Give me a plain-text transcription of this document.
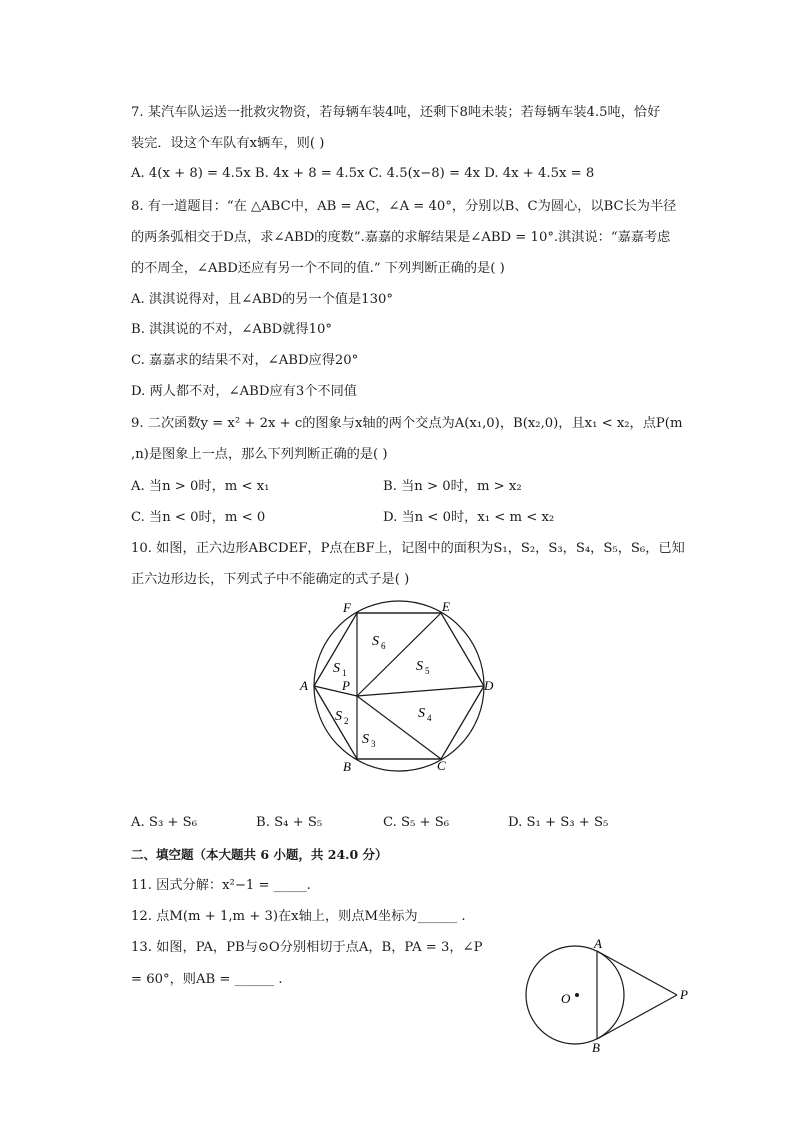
7. 某汽车队运送一批救灾物资，若每辆车装4吨，还剩下8吨未装；若每辆车装4.5吨，恰好
装完．设这个车队有x辆车，则( )
A. 4(x + 8) = 4.5x B. 4x + 8 = 4.5x C. 4.5(x−8) = 4x D. 4x + 4.5x = 8
8. 有一道题目：“在 △ABC中，AB = AC，∠A = 40°，分别以B、C为圆心，以BC长为半径
的两条弧相交于D点，求∠ABD的度数”.嘉嘉的求解结果是∠ABD = 10°.淇淇说：“嘉嘉考虑
的不周全，∠ABD还应有另一个不同的值.” 下列判断正确的是( )
A. 淇淇说得对，且∠ABD的另一个值是130°
B. 淇淇说的不对，∠ABD就得10°
C. 嘉嘉求的结果不对，∠ABD应得20°
D. 两人都不对，∠ABD应有3个不同值
9. 二次函数y = x² + 2x + c的图象与x轴的两个交点为A(x₁,0)，B(x₂,0)，且x₁ < x₂，点P(m
,n)是图象上一点，那么下列判断正确的是( )
A. 当n > 0时，m < x₁	B. 当n > 0时，m > x₂
C. 当n < 0时，m < 0	D. 当n < 0时，x₁ < m < x₂
10. 如图，正六边形ABCDEF，P点在BF上，记图中的面积为S₁，S₂，S₃，S₄，S₅，S₆，已知
正六边形边长，下列式子中不能确定的式子是( )
F	E
A	P	D
B	C
S 6
S 5
S 1
S 2	S 4
S 3
A. S₃ + S₆	B. S₄ + S₅	C. S₅ + S₆	D. S₁ + S₃ + S₅
二、填空题（本大题共 6 小题，共 24.0 分）
11. 因式分解：x²−1 = _____.
12. 点M(m + 1,m + 3)在x轴上，则点M坐标为______ .
13. 如图，PA，PB与⊙O分别相切于点A，B，PA = 3，∠P
= 60°，则AB = ______ .
A
B
O	P
